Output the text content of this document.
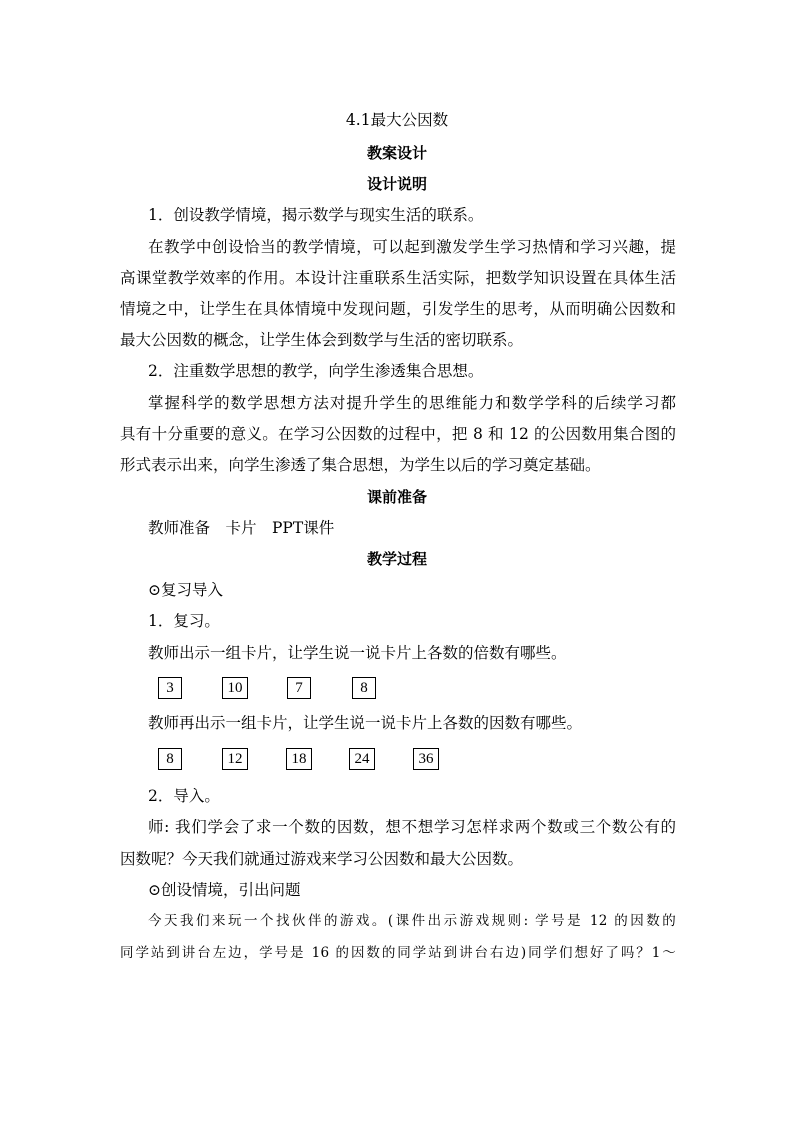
4.1最大公因数
教案设计
设计说明
1．创设教学情境，揭示数学与现实生活的联系。
在教学中创设恰当的教学情境，可以起到激发学生学习热情和学习兴趣，提
高课堂教学效率的作用。本设计注重联系生活实际，把数学知识设置在具体生活
情境之中，让学生在具体情境中发现问题，引发学生的思考，从而明确公因数和
最大公因数的概念，让学生体会到数学与生活的密切联系。
2．注重数学思想的教学，向学生渗透集合思想。
掌握科学的数学思想方法对提升学生的思维能力和数学学科的后续学习都
具有十分重要的意义。在学习公因数的过程中，把 8 和 12 的公因数用集合图的
形式表示出来，向学生渗透了集合思想，为学生以后的学习奠定基础。
课前准备
教师准备　卡片　PPT课件
教学过程
⊙复习导入
1．复习。
教师出示一组卡片，让学生说一说卡片上各数的倍数有哪些。
3	10	7	8
教师再出示一组卡片，让学生说一说卡片上各数的因数有哪些。
8	12	18	24	36
2．导入。
师: 我们学会了求一个数的因数，想不想学习怎样求两个数或三个数公有的
因数呢？今天我们就通过游戏来学习公因数和最大公因数。
⊙创设情境，引出问题
今天我们来玩一个找伙伴的游戏。(课件出示游戏规则: 学号是 12 的因数的
同学站到讲台左边，学号是 16 的因数的同学站到讲台右边)同学们想好了吗？1～
